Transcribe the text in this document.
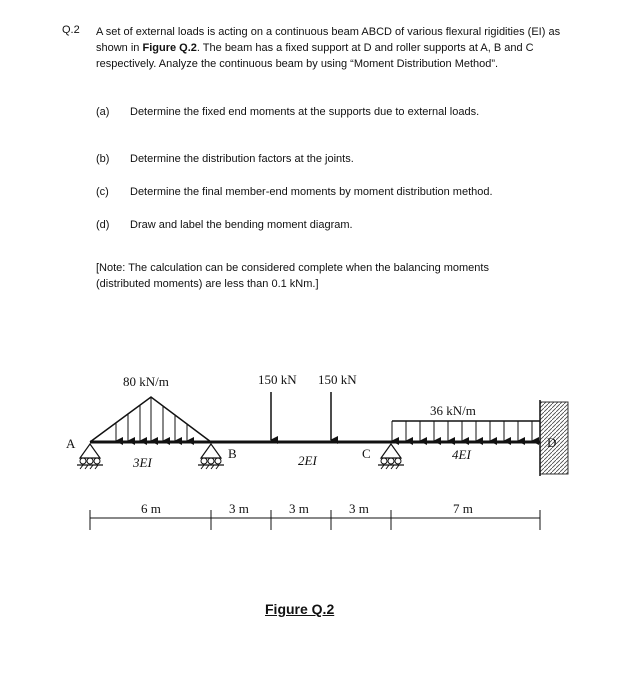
Q.2 A set of external loads is acting on a continuous beam ABCD of various flexural rigidities (EI) as shown in Figure Q.2. The beam has a fixed support at D and roller supports at A, B and C respectively. Analyze the continuous beam by using “Moment Distribution Method”.
(a) Determine the fixed end moments at the supports due to external loads.
(b) Determine the distribution factors at the joints.
(c) Determine the final member-end moments by moment distribution method.
(d) Draw and label the bending moment diagram.
[Note: The calculation can be considered complete when the balancing moments (distributed moments) are less than 0.1 kNm.]
80 kN/m	150 kN 150 kN
36 kN/m
A
B	C
D
3EI	2EI	4EI
6 m	3 m	3 m	3 m	7 m
Figure Q.2
